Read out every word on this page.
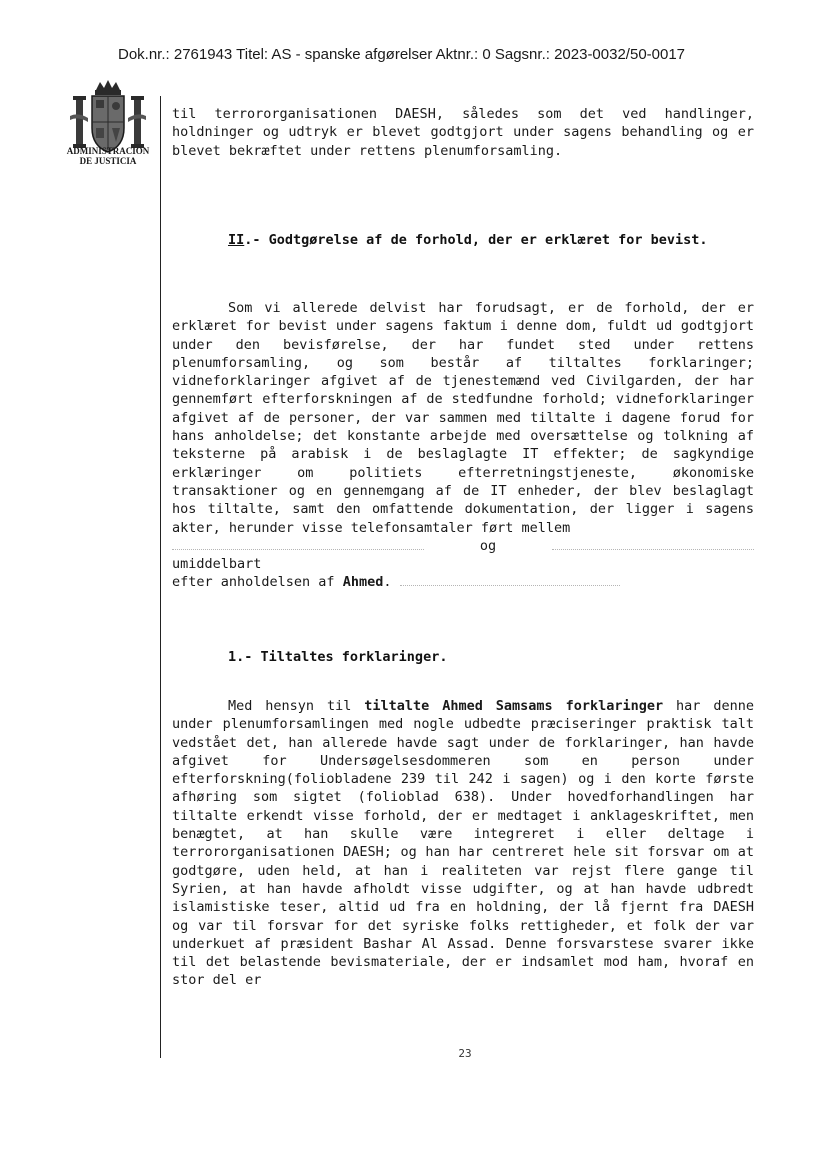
Dok.nr.: 2761943 Titel: AS - spanske afgørelser Aktnr.: 0 Sagsnr.: 2023-0032/50-0017
ADMINISTRACION
DE JUSTICIA
til terrororganisationen DAESH, således som det ved handlinger, holdninger og udtryk er blevet godtgjort under sagens behandling og er blevet bekræftet under rettens plenumforsamling.
II.- Godtgørelse af de forhold, der er erklæret for bevist.
Som vi allerede delvist har forudsagt, er de forhold, der er erklæret for bevist under sagens faktum i denne dom, fuldt ud godtgjort under den bevisførelse, der har fundet sted under rettens plenumforsamling, og som består af tiltaltes forklaringer; vidneforklaringer afgivet af de tjenestemænd ved Civilgarden, der har gennemført efterforskningen af de stedfundne forhold; vidneforklaringer afgivet af de personer, der var sammen med tiltalte i dagene forud for hans anholdelse; det konstante arbejde med oversættelse og tolkning af teksterne på arabisk i de beslaglagte IT effekter; de sagkyndige erklæringer om politiets efterretningstjeneste, økonomiske transaktioner og en gennemgang af de IT enheder, der blev beslaglagt hos tiltalte, samt den omfattende dokumentation, der ligger i sagens akter, herunder visse telefonsamtaler ført mellem
og  umiddelbart
efter anholdelsen af Ahmed.
1.- Tiltaltes forklaringer.
Med hensyn til tiltalte Ahmed Samsams forklaringer har denne under plenumforsamlingen med nogle udbedte præciseringer praktisk talt vedstået det, han allerede havde sagt under de forklaringer, han havde afgivet for Undersøgelsesdommeren som en person under efterforskning(foliobladene 239 til 242 i sagen) og i den korte første afhøring som sigtet (folioblad 638). Under hovedforhandlingen har tiltalte erkendt visse forhold, der er medtaget i anklageskriftet, men benægtet, at han skulle være integreret i eller deltage i terrororganisationen DAESH; og han har centreret hele sit forsvar om at godtgøre, uden held, at han i realiteten var rejst flere gange til Syrien, at han havde afholdt visse udgifter, og at han havde udbredt islamistiske teser, altid ud fra en holdning, der lå fjernt fra DAESH og var til forsvar for det syriske folks rettigheder, et folk der var underkuet af præsident Bashar Al Assad. Denne forsvarstese svarer ikke til det belastende bevismateriale, der er indsamlet mod ham, hvoraf en stor del er
23
